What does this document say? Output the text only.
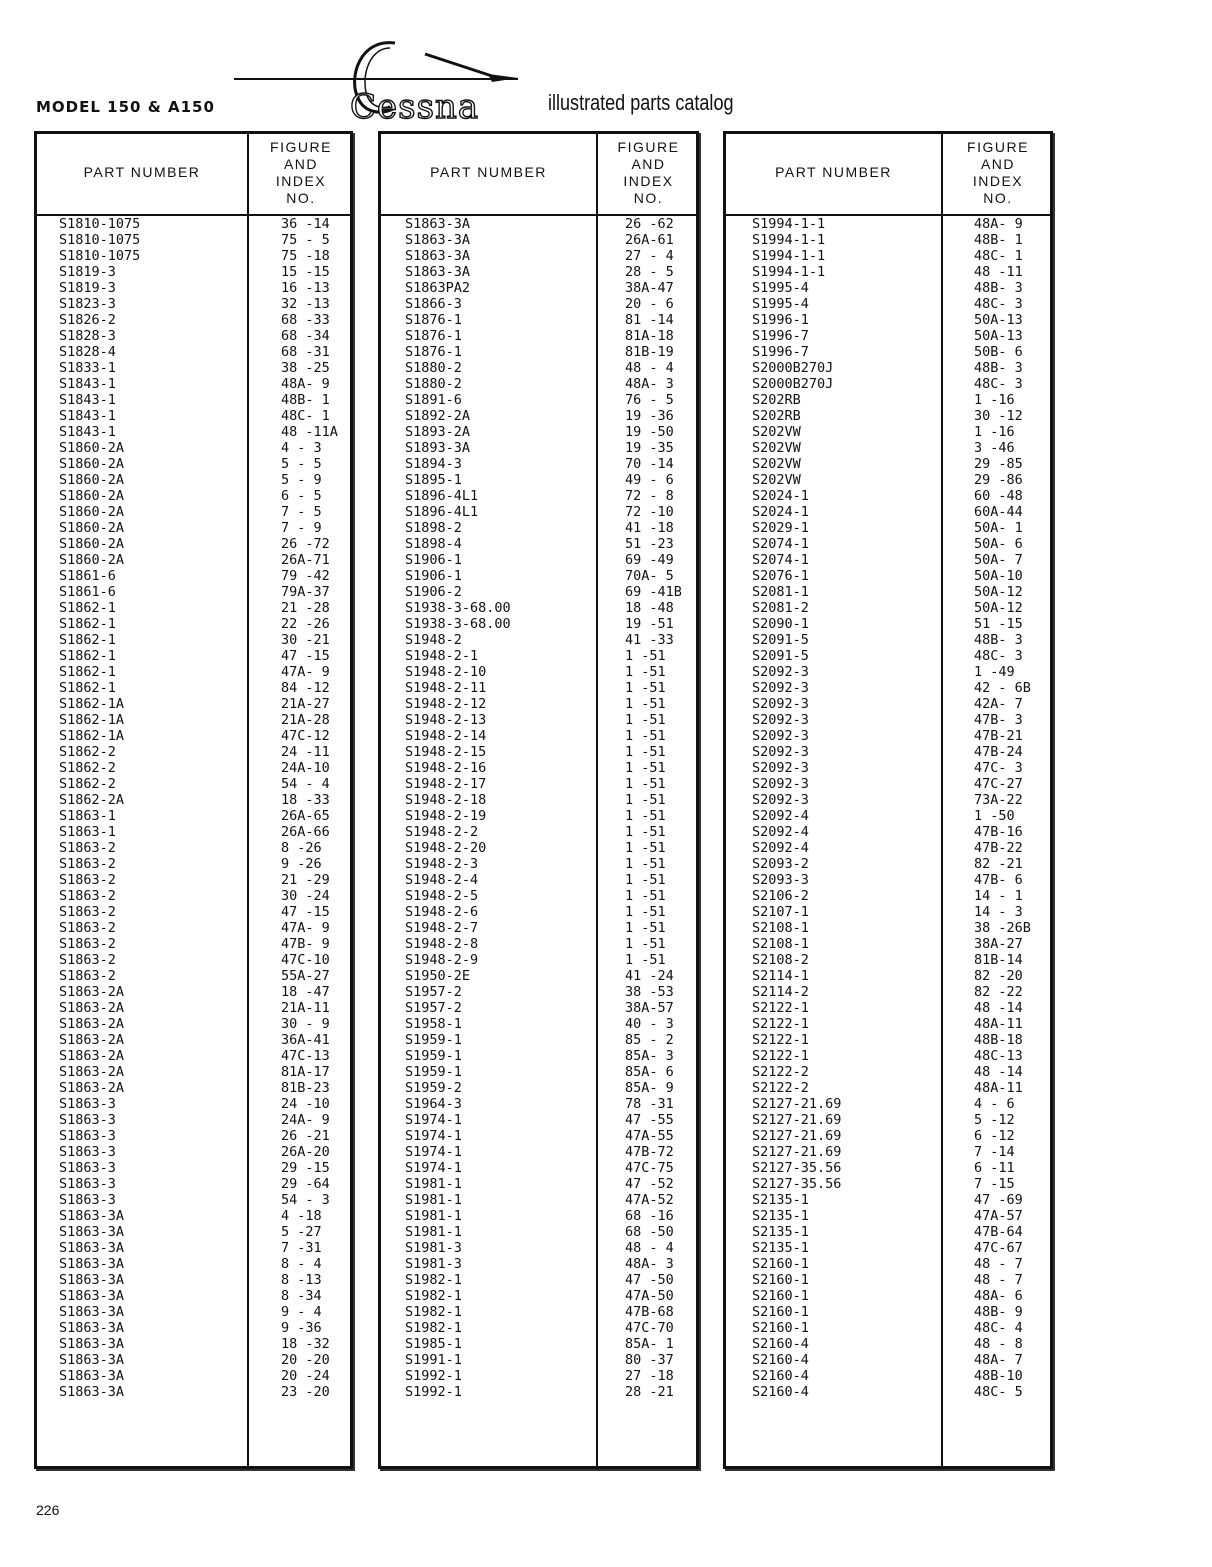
MODEL 150 & A150	Cessna	illustrated parts catalog
PART NUMBER
FIGURE
AND
INDEX
NO.
S1810-1075	36 -14
S1810-1075	75 - 5
S1810-1075	75 -18
S1819-3	15 -15
S1819-3	16 -13
S1823-3	32 -13
S1826-2	68 -33
S1828-3	68 -34
S1828-4	68 -31
S1833-1	38 -25
S1843-1	48A- 9
S1843-1	48B- 1
S1843-1	48C- 1
S1843-1	48 -11A
S1860-2A	4 - 3
S1860-2A	5 - 5
S1860-2A	5 - 9
S1860-2A	6 - 5
S1860-2A	7 - 5
S1860-2A	7 - 9
S1860-2A	26 -72
S1860-2A	26A-71
S1861-6	79 -42
S1861-6	79A-37
S1862-1	21 -28
S1862-1	22 -26
S1862-1	30 -21
S1862-1	47 -15
S1862-1	47A- 9
S1862-1	84 -12
S1862-1A	21A-27
S1862-1A	21A-28
S1862-1A	47C-12
S1862-2	24 -11
S1862-2	24A-10
S1862-2	54 - 4
S1862-2A	18 -33
S1863-1	26A-65
S1863-1	26A-66
S1863-2	8 -26
S1863-2	9 -26
S1863-2	21 -29
S1863-2	30 -24
S1863-2	47 -15
S1863-2	47A- 9
S1863-2	47B- 9
S1863-2	47C-10
S1863-2	55A-27
S1863-2A	18 -47
S1863-2A	21A-11
S1863-2A	30 - 9
S1863-2A	36A-41
S1863-2A	47C-13
S1863-2A	81A-17
S1863-2A	81B-23
S1863-3	24 -10
S1863-3	24A- 9
S1863-3	26 -21
S1863-3	26A-20
S1863-3	29 -15
S1863-3	29 -64
S1863-3	54 - 3
S1863-3A	4 -18
S1863-3A	5 -27
S1863-3A	7 -31
S1863-3A	8 - 4
S1863-3A	8 -13
S1863-3A	8 -34
S1863-3A	9 - 4
S1863-3A	9 -36
S1863-3A	18 -32
S1863-3A	20 -20
S1863-3A	20 -24
S1863-3A	23 -20
PART NUMBER
FIGURE
AND
INDEX
NO.
S1863-3A	26 -62
S1863-3A	26A-61
S1863-3A	27 - 4
S1863-3A	28 - 5
S1863PA2	38A-47
S1866-3	20 - 6
S1876-1	81 -14
S1876-1	81A-18
S1876-1	81B-19
S1880-2	48 - 4
S1880-2	48A- 3
S1891-6	76 - 5
S1892-2A	19 -36
S1893-2A	19 -50
S1893-3A	19 -35
S1894-3	70 -14
S1895-1	49 - 6
S1896-4L1	72 - 8
S1896-4L1	72 -10
S1898-2	41 -18
S1898-4	51 -23
S1906-1	69 -49
S1906-1	70A- 5
S1906-2	69 -41B
S1938-3-68.00	18 -48
S1938-3-68.00	19 -51
S1948-2	41 -33
S1948-2-1	1 -51
S1948-2-10	1 -51
S1948-2-11	1 -51
S1948-2-12	1 -51
S1948-2-13	1 -51
S1948-2-14	1 -51
S1948-2-15	1 -51
S1948-2-16	1 -51
S1948-2-17	1 -51
S1948-2-18	1 -51
S1948-2-19	1 -51
S1948-2-2	1 -51
S1948-2-20	1 -51
S1948-2-3	1 -51
S1948-2-4	1 -51
S1948-2-5	1 -51
S1948-2-6	1 -51
S1948-2-7	1 -51
S1948-2-8	1 -51
S1948-2-9	1 -51
S1950-2E	41 -24
S1957-2	38 -53
S1957-2	38A-57
S1958-1	40 - 3
S1959-1	85 - 2
S1959-1	85A- 3
S1959-1	85A- 6
S1959-2	85A- 9
S1964-3	78 -31
S1974-1	47 -55
S1974-1	47A-55
S1974-1	47B-72
S1974-1	47C-75
S1981-1	47 -52
S1981-1	47A-52
S1981-1	68 -16
S1981-1	68 -50
S1981-3	48 - 4
S1981-3	48A- 3
S1982-1	47 -50
S1982-1	47A-50
S1982-1	47B-68
S1982-1	47C-70
S1985-1	85A- 1
S1991-1	80 -37
S1992-1	27 -18
S1992-1	28 -21
PART NUMBER
FIGURE
AND
INDEX
NO.
S1994-1-1	48A- 9
S1994-1-1	48B- 1
S1994-1-1	48C- 1
S1994-1-1	48 -11
S1995-4	48B- 3
S1995-4	48C- 3
S1996-1	50A-13
S1996-7	50A-13
S1996-7	50B- 6
S2000B270J	48B- 3
S2000B270J	48C- 3
S202RB	1 -16
S202RB	30 -12
S202VW	1 -16
S202VW	3 -46
S202VW	29 -85
S202VW	29 -86
S2024-1	60 -48
S2024-1	60A-44
S2029-1	50A- 1
S2074-1	50A- 6
S2074-1	50A- 7
S2076-1	50A-10
S2081-1	50A-12
S2081-2	50A-12
S2090-1	51 -15
S2091-5	48B- 3
S2091-5	48C- 3
S2092-3	1 -49
S2092-3	42 - 6B
S2092-3	42A- 7
S2092-3	47B- 3
S2092-3	47B-21
S2092-3	47B-24
S2092-3	47C- 3
S2092-3	47C-27
S2092-3	73A-22
S2092-4	1 -50
S2092-4	47B-16
S2092-4	47B-22
S2093-2	82 -21
S2093-3	47B- 6
S2106-2	14 - 1
S2107-1	14 - 3
S2108-1	38 -26B
S2108-1	38A-27
S2108-2	81B-14
S2114-1	82 -20
S2114-2	82 -22
S2122-1	48 -14
S2122-1	48A-11
S2122-1	48B-18
S2122-1	48C-13
S2122-2	48 -14
S2122-2	48A-11
S2127-21.69	4 - 6
S2127-21.69	5 -12
S2127-21.69	6 -12
S2127-21.69	7 -14
S2127-35.56	6 -11
S2127-35.56	7 -15
S2135-1	47 -69
S2135-1	47A-57
S2135-1	47B-64
S2135-1	47C-67
S2160-1	48 - 7
S2160-1	48 - 7
S2160-1	48A- 6
S2160-1	48B- 9
S2160-1	48C- 4
S2160-4	48 - 8
S2160-4	48A- 7
S2160-4	48B-10
S2160-4	48C- 5
226
